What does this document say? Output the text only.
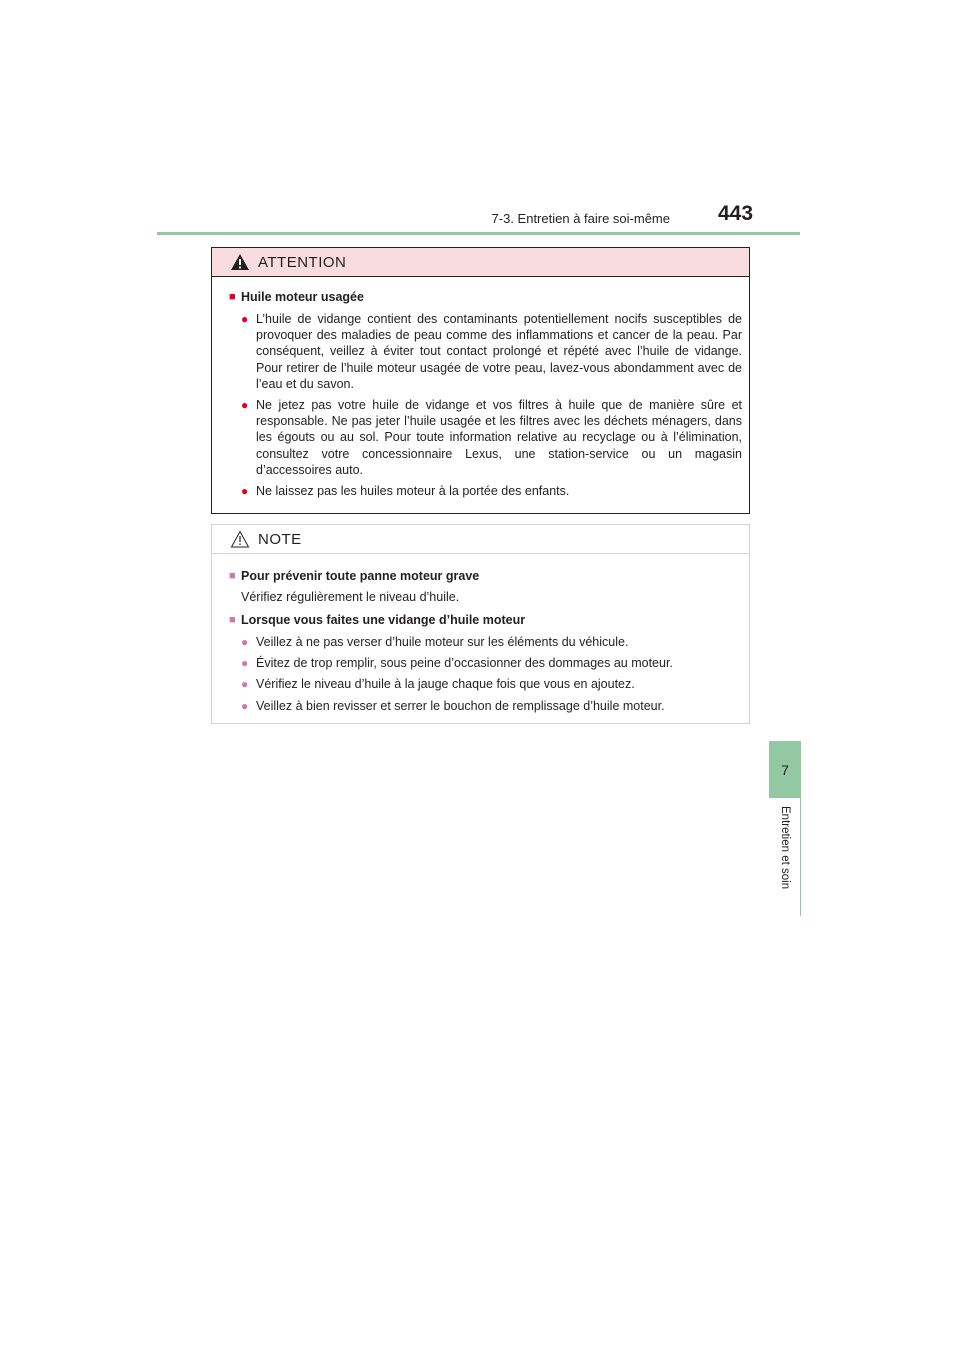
7-3. Entretien à faire soi-même 443
7
Entretien et soin
ATTENTION
■ Huile moteur usagée
● L’huile de vidange contient des contaminants potentiellement nocifs susceptibles de provoquer des maladies de peau comme des inflammations et cancer de la peau. Par conséquent, veillez à éviter tout contact prolongé et répété avec l’huile de vidange. Pour retirer de l’huile moteur usagée de votre peau, lavez-vous abondamment avec de l’eau et du savon.
● Ne jetez pas votre huile de vidange et vos filtres à huile que de manière sûre et responsable. Ne pas jeter l’huile usagée et les filtres avec les déchets ménagers, dans les égouts ou au sol. Pour toute information relative au recyclage ou à l’élimination, consultez votre concessionnaire Lexus, une station-service ou un magasin d’accessoires auto.
● Ne laissez pas les huiles moteur à la portée des enfants.
NOTE
■ Pour prévenir toute panne moteur grave
Vérifiez régulièrement le niveau d’huile.
■ Lorsque vous faites une vidange d’huile moteur
● Veillez à ne pas verser d’huile moteur sur les éléments du véhicule.
● Évitez de trop remplir, sous peine d’occasionner des dommages au moteur.
● Vérifiez le niveau d’huile à la jauge chaque fois que vous en ajoutez.
● Veillez à bien revisser et serrer le bouchon de remplissage d’huile moteur.
